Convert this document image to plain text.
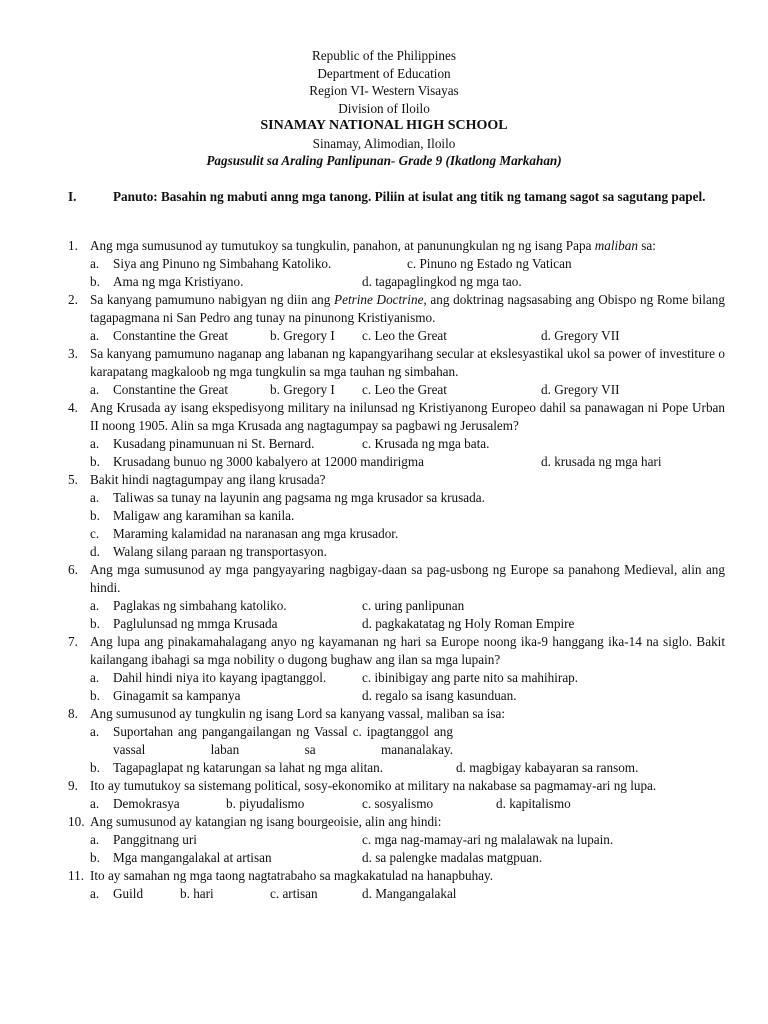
Republic of the Philippines
Department of Education
Region VI- Western Visayas
Division of Iloilo
SINAMAY NATIONAL HIGH SCHOOL
Sinamay, Alimodian, Iloilo
Pagsusulit sa Araling Panlipunan- Grade 9 (Ikatlong Markahan)
I.	Panuto: Basahin ng mabuti anng mga tanong. Piliin at isulat ang titik ng tamang sagot sa sagutang papel.
1. Ang mga sumusunod ay tumutukoy sa tungkulin, panahon, at panunungkulan ng ng isang Papa maliban sa:
a. Siya ang Pinuno ng Simbahang Katoliko.	c. Pinuno ng Estado ng Vatican
b. Ama ng mga Kristiyano.	d. tagapaglingkod ng mga tao.
2. Sa kanyang pamumuno nabigyan ng diin ang Petrine Doctrine, ang doktrinag nagsasabing ang Obispo ng Rome bilang tagapagmana ni San Pedro ang tunay na pinunong Kristiyanismo.
a. Constantine the Great	b. Gregory I c. Leo the Great	d. Gregory VII
3. Sa kanyang pamumuno naganap ang labanan ng kapangyarihang secular at ekslesyastikal ukol sa power of investiture o karapatang magkaloob ng mga tungkulin sa mga tauhan ng simbahan.
a. Constantine the Great	b. Gregory I c. Leo the Great	d. Gregory VII
4. Ang Krusada ay isang ekspedisyong military na inilunsad ng Kristiyanong Europeo dahil sa panawagan ni Pope Urban II noong 1905. Alin sa mga Krusada ang nagtagumpay sa pagbawi ng Jerusalem?
a. Kusadang pinamunuan ni St. Bernard.	c. Krusada ng mga bata.
b. Krusadang bunuo ng 3000 kabalyero at 12000 mandirigma	d. krusada ng mga hari
5. Bakit hindi nagtagumpay ang ilang krusada?
a. Taliwas sa tunay na layunin ang pagsama ng mga krusador sa krusada.
b. Maligaw ang karamihan sa kanila.
c. Maraming kalamidad na naranasan ang mga krusador.
d. Walang silang paraan ng transportasyon.
6. Ang mga sumusunod ay mga pangyayaring nagbigay-daan sa pag-usbong ng Europe sa panahong Medieval, alin ang hindi.
a. Paglakas ng simbahang katoliko.	c. uring panlipunan
b. Paglulunsad ng mmga Krusada	d. pagkakatatag ng Holy Roman Empire
7. Ang lupa ang pinakamahalagang anyo ng kayamanan ng hari sa Europe noong ika-9 hanggang ika-14 na siglo. Bakit kailangang ibahagi sa mga nobility o dugong bughaw ang ilan sa mga lupain?
a. Dahil hindi niya ito kayang ipagtanggol.	c. ibinibigay ang parte nito sa mahihirap.
b. Ginagamit sa kampanya	d. regalo sa isang kasunduan.
8. Ang sumusunod ay tungkulin ng isang Lord sa kanyang vassal, maliban sa isa:
a. Suportahan ang pangangailangan ng Vassal c. ipagtanggol ang vassal laban sa mananalakay.
b. Tagapaglapat ng katarungan sa lahat ng mga alitan.	d. magbigay kabayaran sa ransom.
9. Ito ay tumutukoy sa sistemang political, sosy-ekonomiko at military na nakabase sa pagmamay-ari ng lupa.
a. Demokrasya	b. piyudalismo	c. sosyalismo	d. kapitalismo
10. Ang sumusunod ay katangian ng isang bourgeoisie, alin ang hindi:
a. Panggitnang uri	c. mga nag-mamay-ari ng malalawak na lupain.
b. Mga mangangalakal at artisan	d. sa palengke madalas matgpuan.
11. Ito ay samahan ng mga taong nagtatrabaho sa magkakatulad na hanapbuhay.
a. Guild	b. hari	c. artisan	d. Mangangalakal
